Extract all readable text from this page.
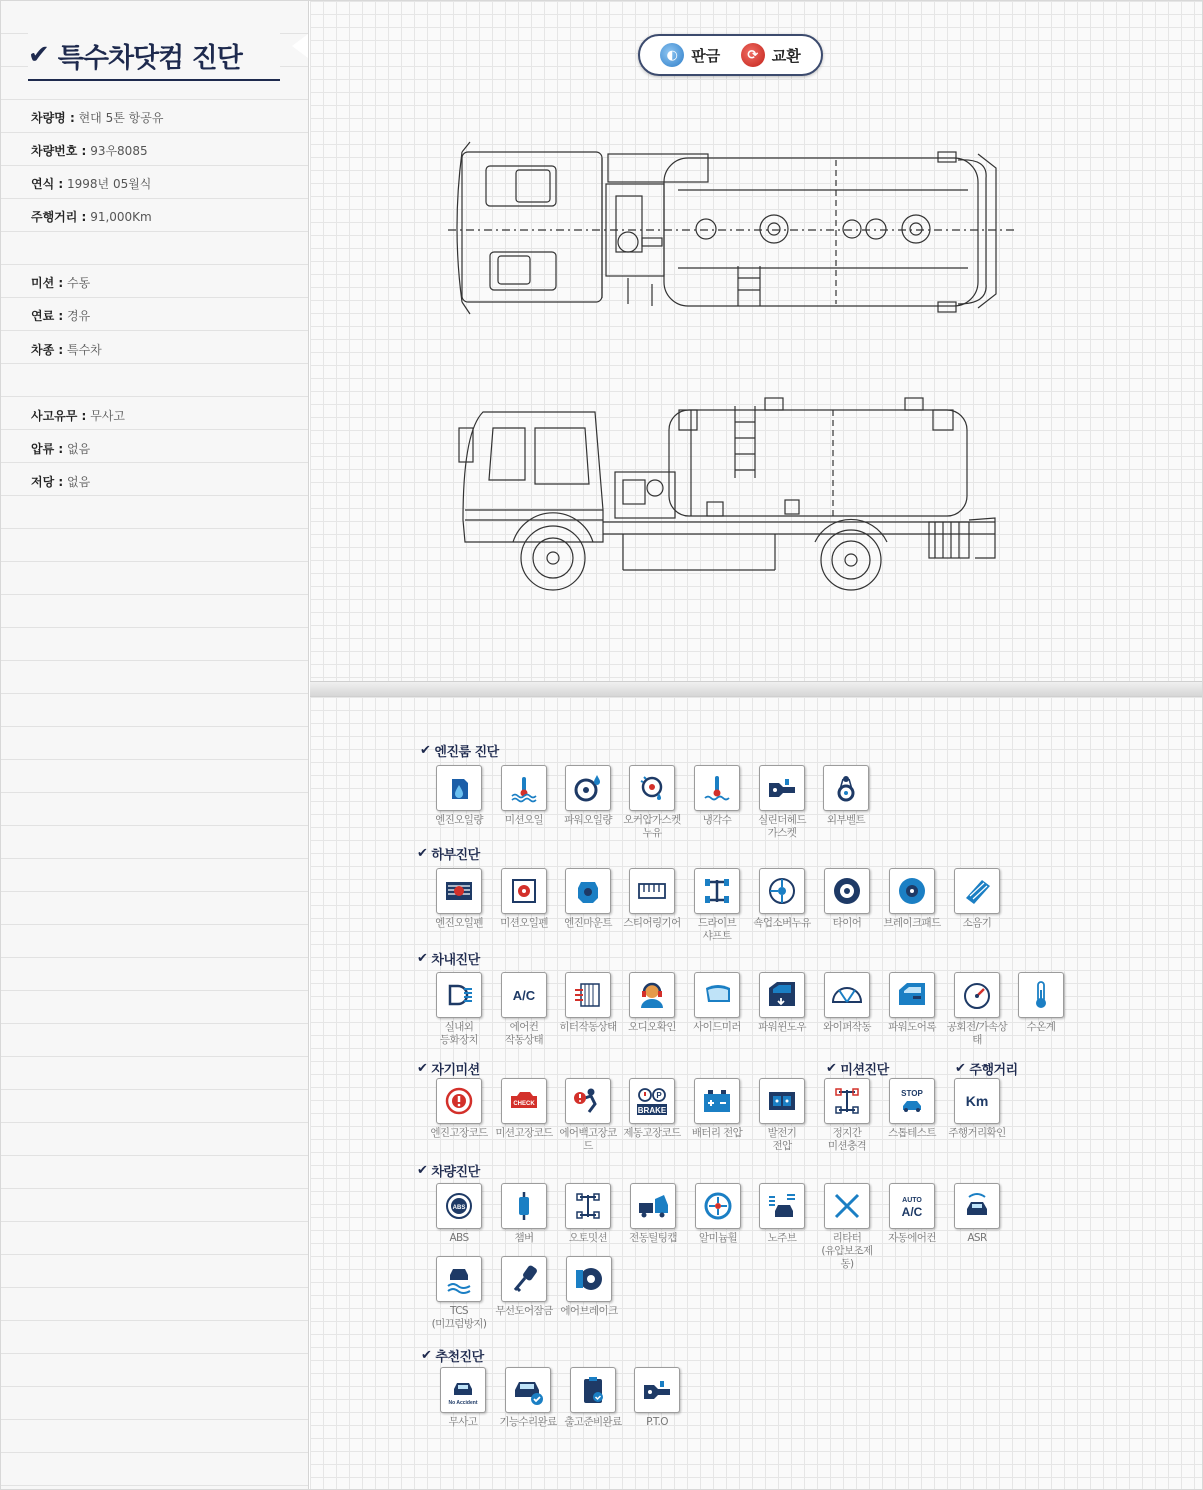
✔ 특수차닷컴 진단
차량명 : 현대 5톤 항공유
차량번호 : 93우8085
연식 : 1998년 05월식
주행거리 : 91,000Km
미션 : 수동
연료 : 경유
차종 : 특수차
사고유무 : 무사고
압류 : 없음
저당 : 없음
◐ 판금	⟳ 교환
✔ 엔진룸 진단
✔ 하부진단
✔ 차내진단
✔ 자기미션	✔ 미션진단	✔ 주행거리
✔ 차량진단
✔ 추천진단
엔진오일량	미션오일	파워오일량	오커압가스켓
누유
냉각수	실린더헤드
가스켓
외부벨트
엔진오일펜	미션오일펜	엔진마운트	스티어링기어	드라이브
샤프트
쇽업소버누유	타이어	브레이크패드	소음기
실내외
등화장치
A/C
에어컨
작동상태
히터작동상태	오디오확인	사이드미러	파워윈도우	와이퍼작동	파워도어록	공회전/가속상태
수온계
엔진고장코드
CHECK
미션고장코드 에어백고장코드
P
BRAKE
제동고장코드	배터리 전압	발전기
전압
정지간
미션충격
STOP
스톱테스트
Km
주행거리확인
ABS
ABS	챔버	오토밋션	전동틸팅캡	알미늄휠	노주브	리타터
(유압보조제동)
AUTO
A/C
자동에어컨	ASR
TCS
(미끄럼방지)
무선도어잠금 에어브레이크
No Accident
무사고	기능수리완료 출고준비완료	P.T.O
